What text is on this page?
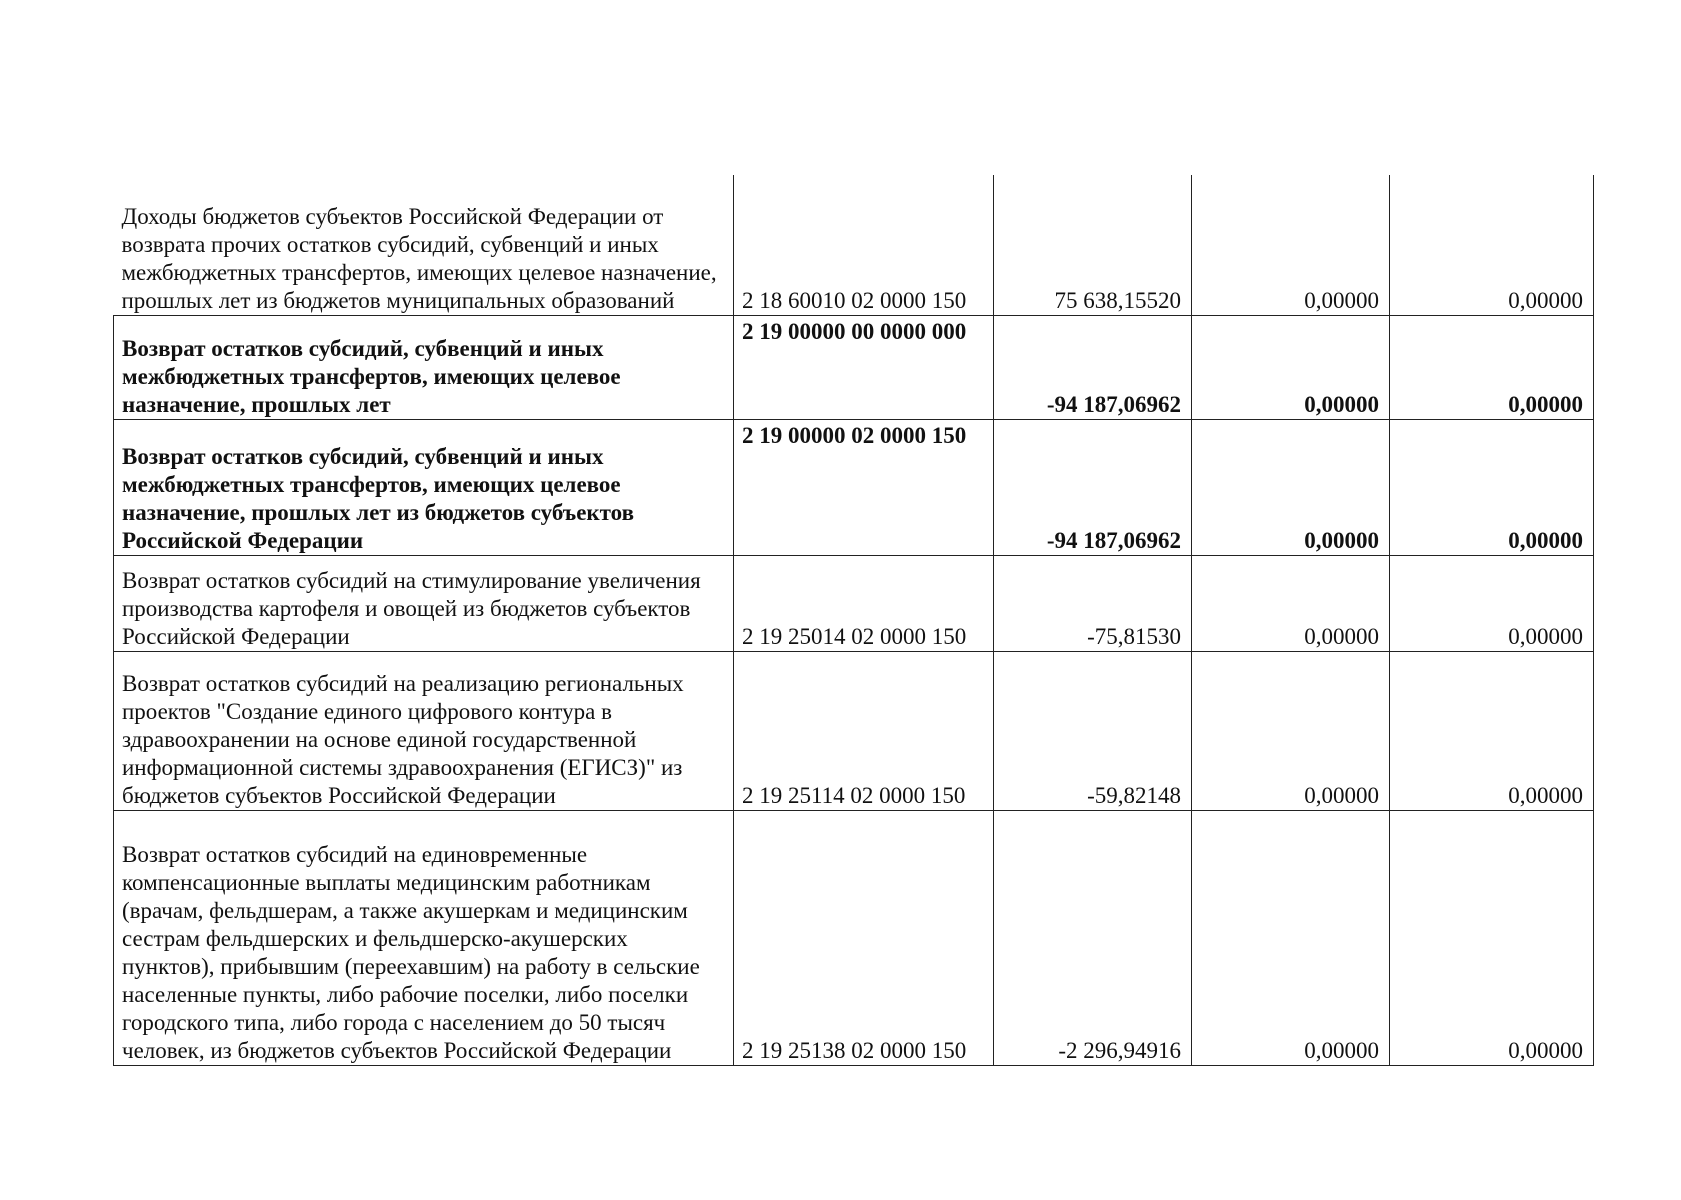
Доходы бюджетов субъектов Российской Федерации от возврата прочих остатков субсидий, субвенций и иных межбюджетных трансфертов, имеющих целевое назначение, прошлых лет из бюджетов муниципальных образований	2 18 60010 02 0000 150	75 638,15520	0,00000	0,00000
Возврат остатков субсидий, субвенций и иных межбюджетных трансфертов, имеющих целевое назначение, прошлых лет	2 19 00000 00 0000 000	-94 187,06962	0,00000	0,00000
Возврат остатков субсидий, субвенций и иных межбюджетных трансфертов, имеющих целевое назначение, прошлых лет из бюджетов субъектов Российской Федерации	2 19 00000 02 0000 150	-94 187,06962	0,00000	0,00000
Возврат остатков субсидий на стимулирование увеличения производства картофеля и овощей из бюджетов субъектов Российской Федерации	2 19 25014 02 0000 150	-75,81530	0,00000	0,00000
Возврат остатков субсидий на реализацию региональных проектов "Создание единого цифрового контура в здравоохранении на основе единой государственной информационной системы здравоохранения (ЕГИСЗ)" из бюджетов субъектов Российской Федерации	2 19 25114 02 0000 150	-59,82148	0,00000	0,00000
Возврат остатков субсидий на единовременные компенсационные выплаты медицинским работникам (врачам, фельдшерам, а также акушеркам и медицинским сестрам фельдшерских и фельдшерско-акушерских пунктов), прибывшим (переехавшим) на работу в сельские населенные пункты, либо рабочие поселки, либо поселки городского типа, либо города с населением до 50 тысяч человек, из бюджетов субъектов Российской Федерации	2 19 25138 02 0000 150	-2 296,94916	0,00000	0,00000
